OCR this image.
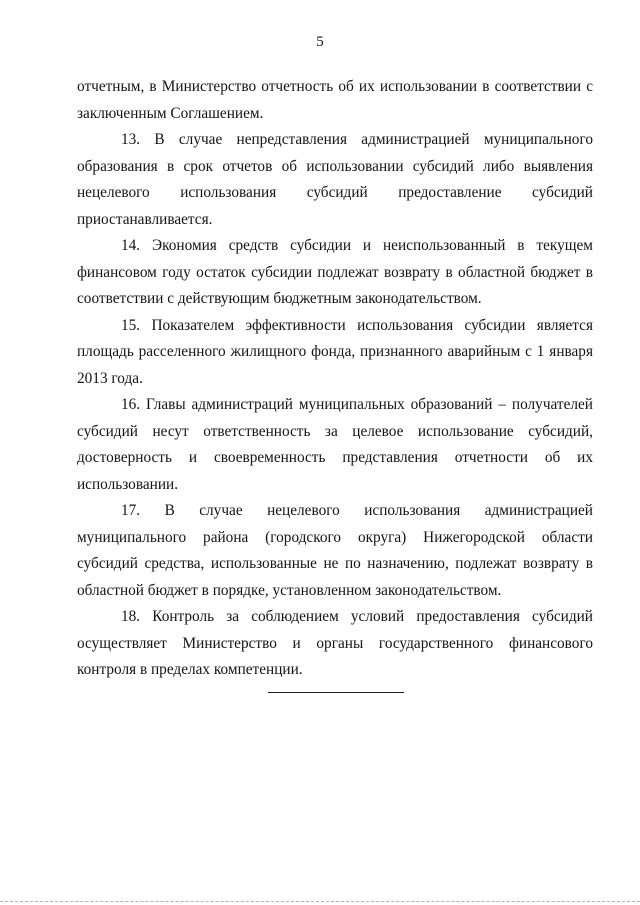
5
отчетным, в Министерство отчетность об их использовании в соответствии с
заключенным Соглашением.
13. В случае непредставления администрацией муниципального
образования в срок отчетов об использовании субсидий либо выявления
нецелевого использования субсидий предоставление субсидий
приостанавливается.
14. Экономия средств субсидии и неиспользованный в текущем
финансовом году остаток субсидии подлежат возврату в областной бюджет в
соответствии с действующим бюджетным законодательством.
15. Показателем эффективности использования субсидии является
площадь расселенного жилищного фонда, признанного аварийным с 1 января
2013 года.
16. Главы администраций муниципальных образований – получателей
субсидий несут ответственность за целевое использование субсидий,
достоверность и своевременность представления отчетности об их
использовании.
17. В случае нецелевого использования администрацией
муниципального района (городского округа) Нижегородской области
субсидий средства, использованные не по назначению, подлежат возврату в
областной бюджет в порядке, установленном законодательством.
18. Контроль за соблюдением условий предоставления субсидий
осуществляет Министерство и органы государственного финансового
контроля в пределах компетенции.
